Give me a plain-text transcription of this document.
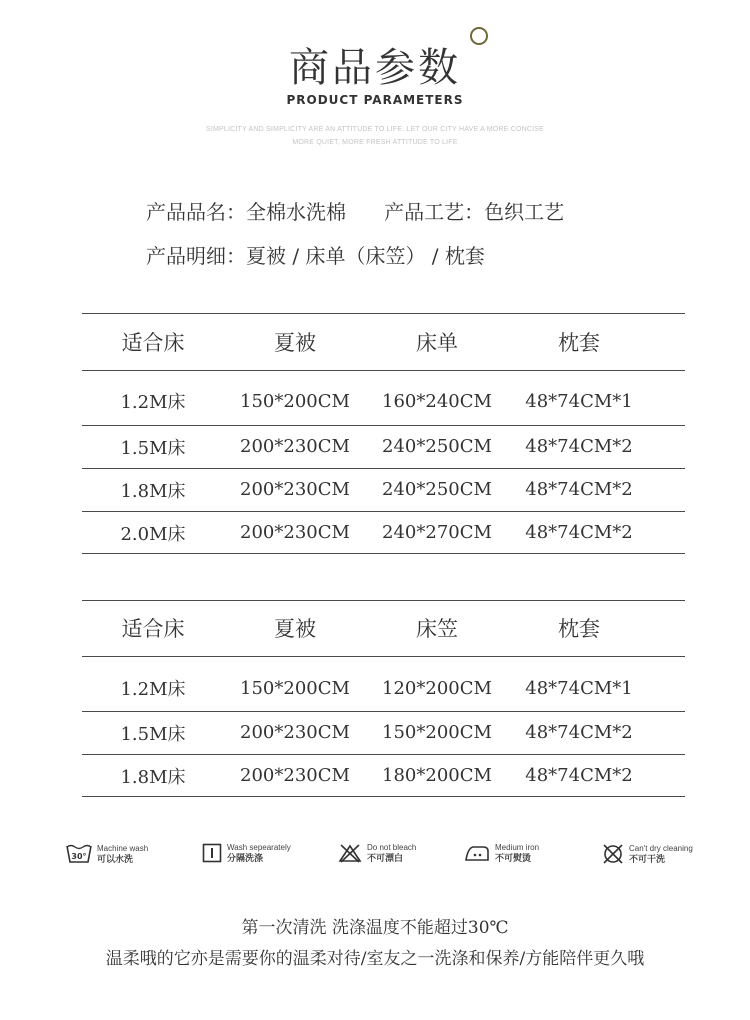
商品参数
PRODUCT PARAMETERS
SIMPLICITY AND SIMPLICITY ARE AN ATTITUDE TO LIFE. LET OUR CITY HAVE A MORE CONCISE
MORE QUIET, MORE FRESH ATTITUDE TO LIFE
产品品名：全棉水洗棉      产品工艺：色织工艺
产品明细：夏被 / 床单（床笠） / 枕套
适合床	夏被	床单	枕套
1.2M床	150*200CM	160*240CM	48*74CM*1
1.5M床	200*230CM	240*250CM	48*74CM*2
1.8M床	200*230CM	240*250CM	48*74CM*2
2.0M床	200*230CM	240*270CM	48*74CM*2
适合床	夏被	床笠	枕套
1.2M床	150*200CM	120*200CM	48*74CM*1
1.5M床	200*230CM	150*200CM	48*74CM*2
1.8M床	200*230CM	180*200CM	48*74CM*2
30°
Machine wash
可以水洗
Wash sepearately
分隔洗涤
Do not bleach
不可漂白
Medium iron
不可熨烫
Can't dry cleaning
不可干洗
第一次清洗 洗涤温度不能超过30℃
温柔哦的它亦是需要你的温柔对待/室友之一洗涤和保养/方能陪伴更久哦
